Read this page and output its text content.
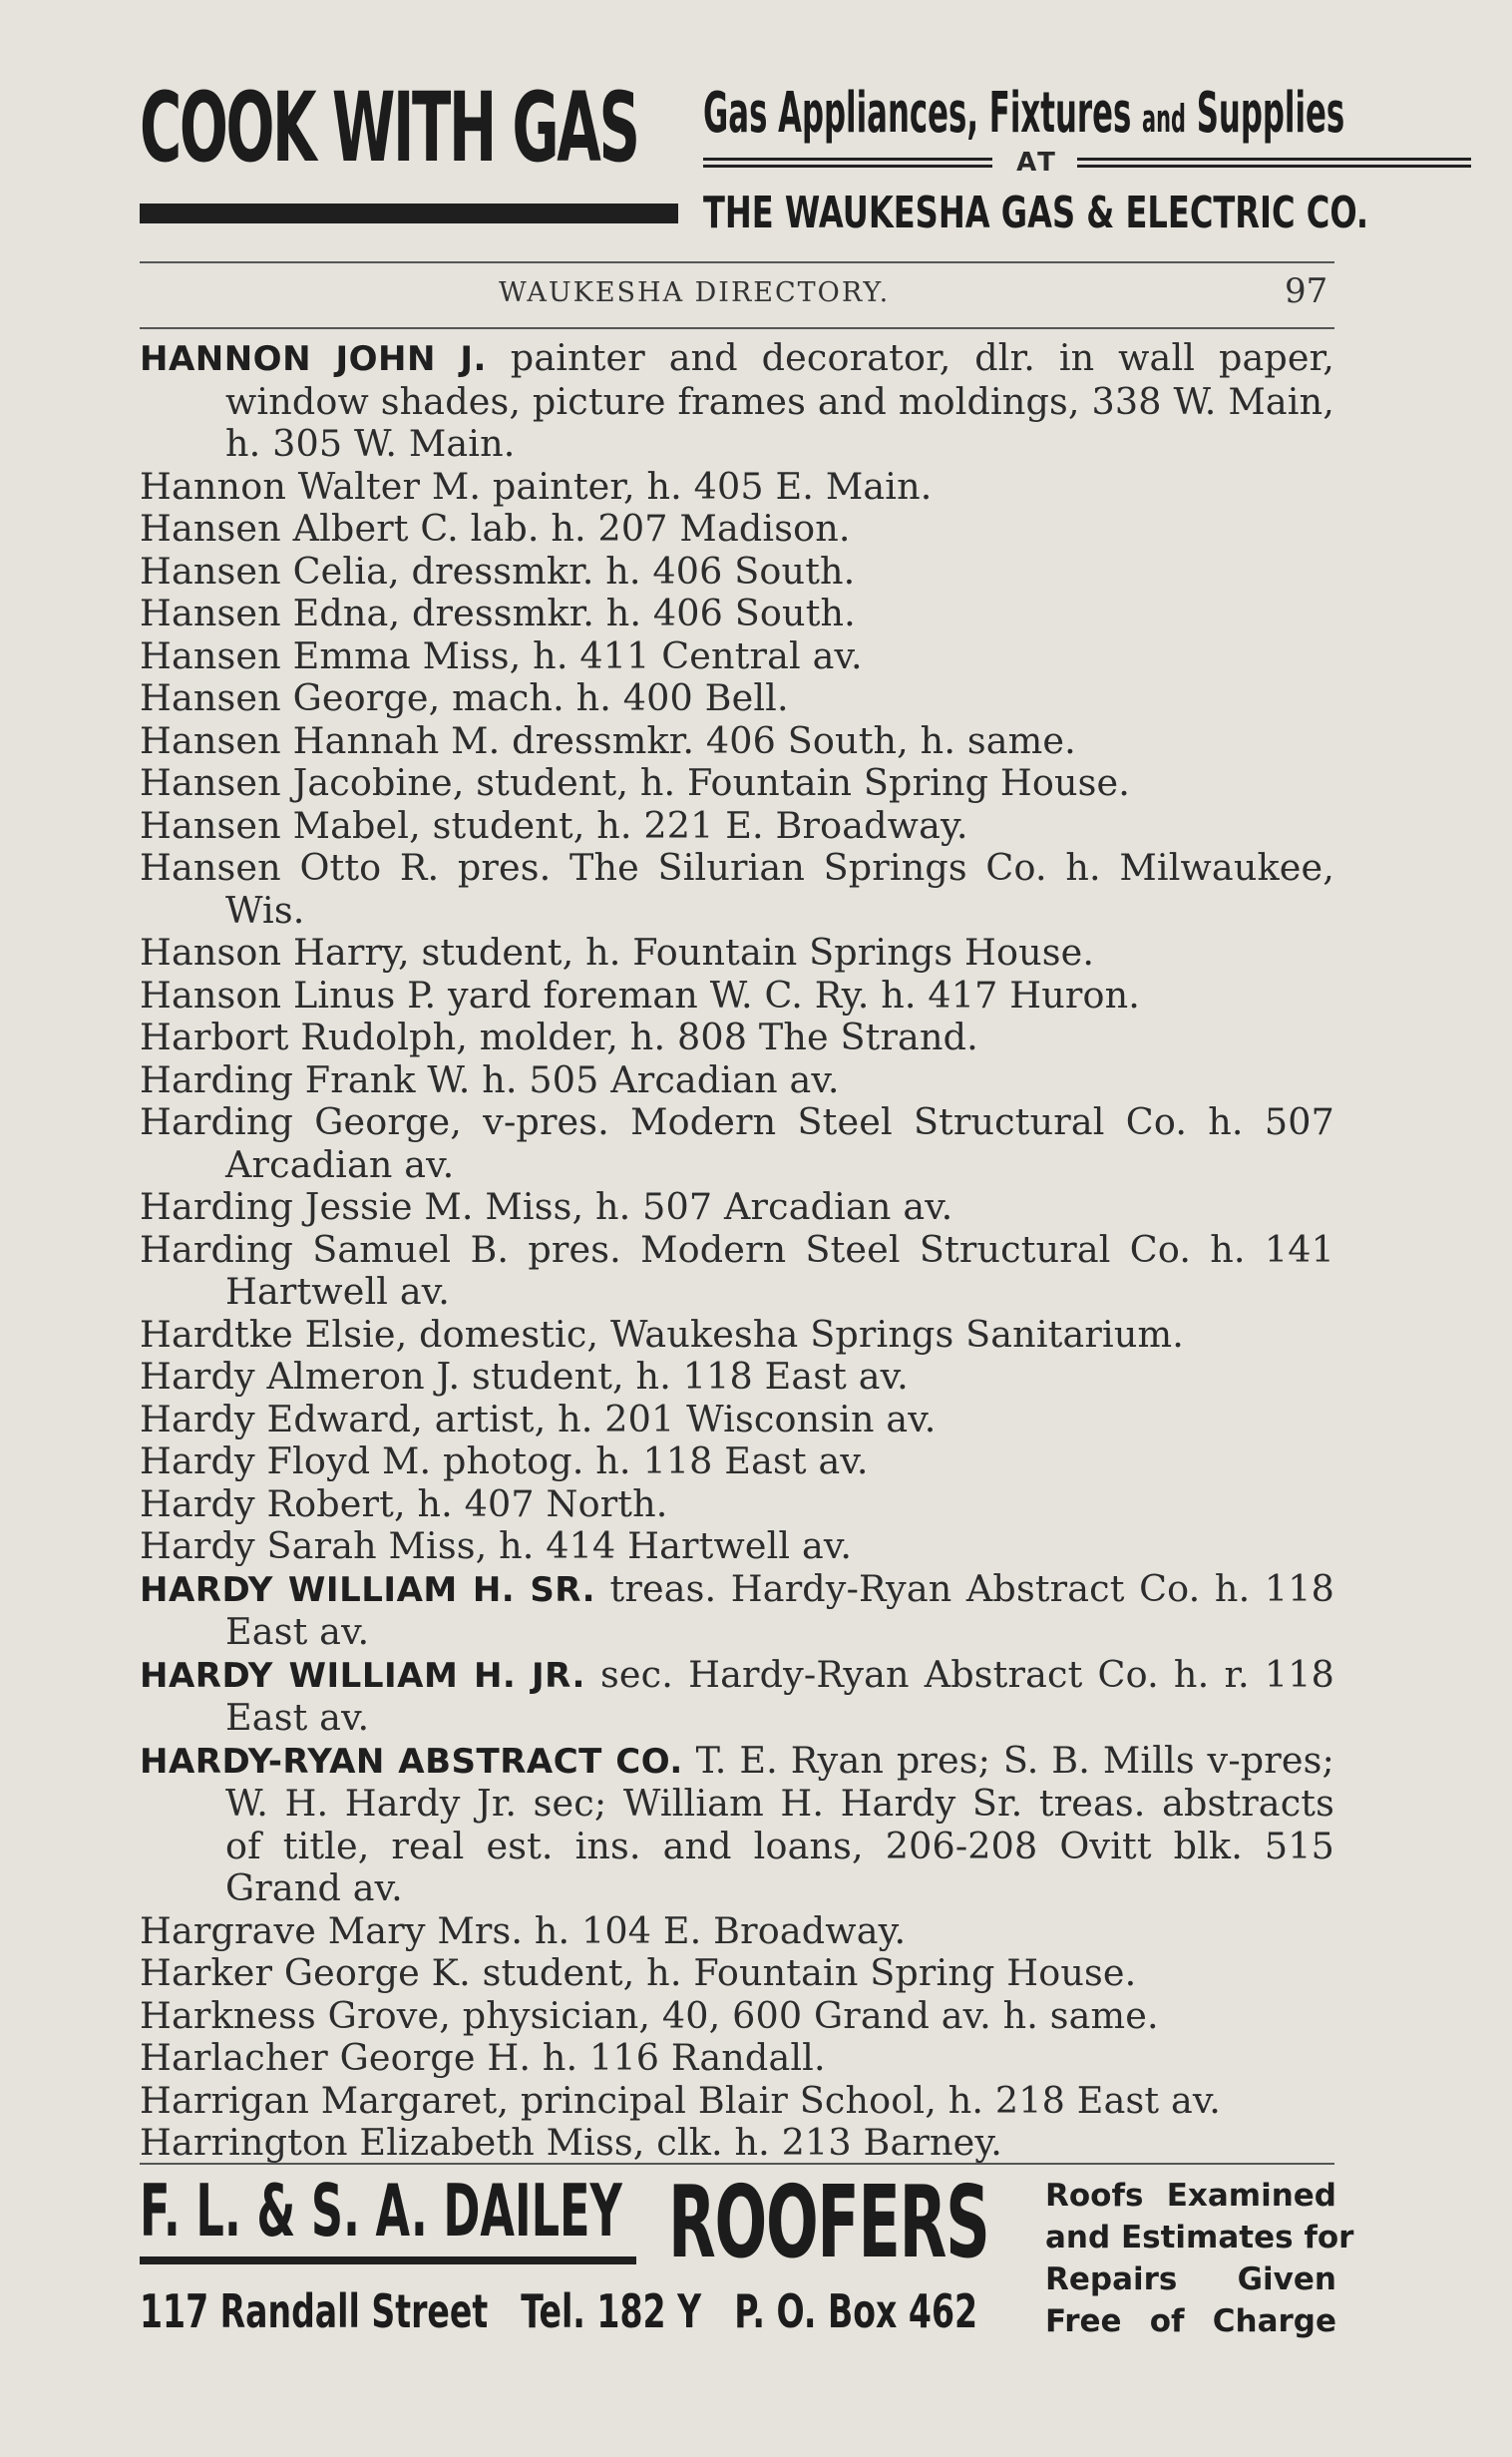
COOK WITH GAS Gas Appliances, Fixtures and Supplies
AT
THE WAUKESHA GAS & ELECTRIC CO.
WAUKESHA DIRECTORY.	97
HANNON JOHN J. painter and decorator, dlr. in wall paper, window shades, picture frames and moldings, 338 W. Main, h. 305 W. Main.
Hannon Walter M. painter, h. 405 E. Main.
Hansen Albert C. lab. h. 207 Madison.
Hansen Celia, dressmkr. h. 406 South.
Hansen Edna, dressmkr. h. 406 South.
Hansen Emma Miss, h. 411 Central av.
Hansen George, mach. h. 400 Bell.
Hansen Hannah M. dressmkr. 406 South, h. same.
Hansen Jacobine, student, h. Fountain Spring House.
Hansen Mabel, student, h. 221 E. Broadway.
Hansen Otto R. pres. The Silurian Springs Co. h. Milwaukee, Wis.
Hanson Harry, student, h. Fountain Springs House.
Hanson Linus P. yard foreman W. C. Ry. h. 417 Huron.
Harbort Rudolph, molder, h. 808 The Strand.
Harding Frank W. h. 505 Arcadian av.
Harding George, v-pres. Modern Steel Structural Co. h. 507 Arcadian av.
Harding Jessie M. Miss, h. 507 Arcadian av.
Harding Samuel B. pres. Modern Steel Structural Co. h. 141 Hartwell av.
Hardtke Elsie, domestic, Waukesha Springs Sanitarium.
Hardy Almeron J. student, h. 118 East av.
Hardy Edward, artist, h. 201 Wisconsin av.
Hardy Floyd M. photog. h. 118 East av.
Hardy Robert, h. 407 North.
Hardy Sarah Miss, h. 414 Hartwell av.
HARDY WILLIAM H. SR. treas. Hardy-Ryan Abstract Co. h. 118 East av.
HARDY WILLIAM H. JR. sec. Hardy-Ryan Abstract Co. h. r. 118 East av.
HARDY-RYAN ABSTRACT CO. T. E. Ryan pres; S. B. Mills v-pres; W. H. Hardy Jr. sec; William H. Hardy Sr. treas. abstracts of title, real est. ins. and loans, 206-208 Ovitt blk. 515 Grand av.
Hargrave Mary Mrs. h. 104 E. Broadway.
Harker George K. student, h. Fountain Spring House.
Harkness Grove, physician, 40, 600 Grand av. h. same.
Harlacher George H. h. 116 Randall.
Harrigan Margaret, principal Blair School, h. 218 East av.
Harrington Elizabeth Miss, clk. h. 213 Barney.
F. L. & S. A. DAILEY ROOFERS
117 Randall Street Tel. 182 Y P. O. Box 462
Roofs Examined
and Estimates for
Repairs Given
Free of Charge
